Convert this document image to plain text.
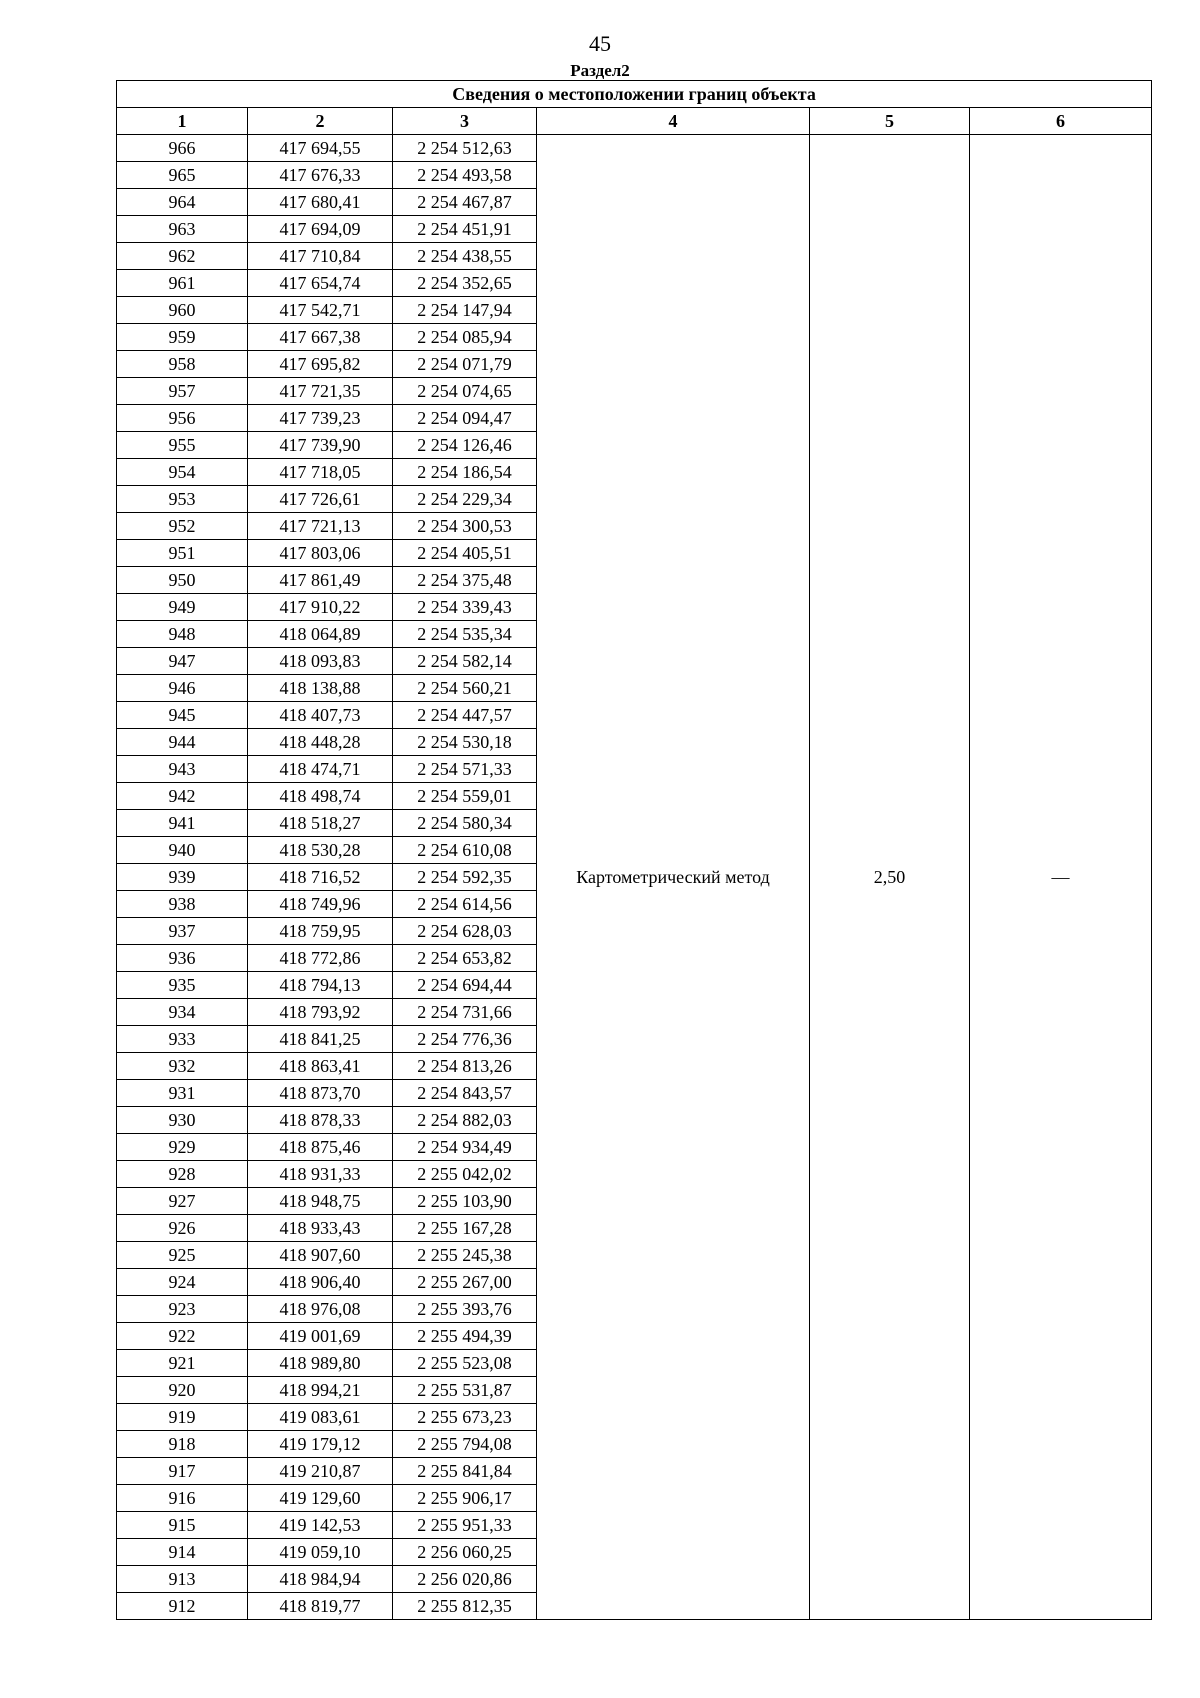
45
Раздел2
Сведения о местоположении границ объекта					
1	2	3	4	5	6
966	417 694,55	2 254 512,63	Картометрический метод	2,50	—
965	417 676,33	2 254 493,58			
964	417 680,41	2 254 467,87			
963	417 694,09	2 254 451,91			
962	417 710,84	2 254 438,55			
961	417 654,74	2 254 352,65			
960	417 542,71	2 254 147,94			
959	417 667,38	2 254 085,94			
958	417 695,82	2 254 071,79			
957	417 721,35	2 254 074,65			
956	417 739,23	2 254 094,47			
955	417 739,90	2 254 126,46			
954	417 718,05	2 254 186,54			
953	417 726,61	2 254 229,34			
952	417 721,13	2 254 300,53			
951	417 803,06	2 254 405,51			
950	417 861,49	2 254 375,48			
949	417 910,22	2 254 339,43			
948	418 064,89	2 254 535,34			
947	418 093,83	2 254 582,14			
946	418 138,88	2 254 560,21			
945	418 407,73	2 254 447,57			
944	418 448,28	2 254 530,18			
943	418 474,71	2 254 571,33			
942	418 498,74	2 254 559,01			
941	418 518,27	2 254 580,34			
940	418 530,28	2 254 610,08			
939	418 716,52	2 254 592,35			
938	418 749,96	2 254 614,56			
937	418 759,95	2 254 628,03			
936	418 772,86	2 254 653,82			
935	418 794,13	2 254 694,44			
934	418 793,92	2 254 731,66			
933	418 841,25	2 254 776,36			
932	418 863,41	2 254 813,26			
931	418 873,70	2 254 843,57			
930	418 878,33	2 254 882,03			
929	418 875,46	2 254 934,49			
928	418 931,33	2 255 042,02			
927	418 948,75	2 255 103,90			
926	418 933,43	2 255 167,28			
925	418 907,60	2 255 245,38			
924	418 906,40	2 255 267,00			
923	418 976,08	2 255 393,76			
922	419 001,69	2 255 494,39			
921	418 989,80	2 255 523,08			
920	418 994,21	2 255 531,87			
919	419 083,61	2 255 673,23			
918	419 179,12	2 255 794,08			
917	419 210,87	2 255 841,84			
916	419 129,60	2 255 906,17			
915	419 142,53	2 255 951,33			
914	419 059,10	2 256 060,25			
913	418 984,94	2 256 020,86			
912	418 819,77	2 255 812,35			
